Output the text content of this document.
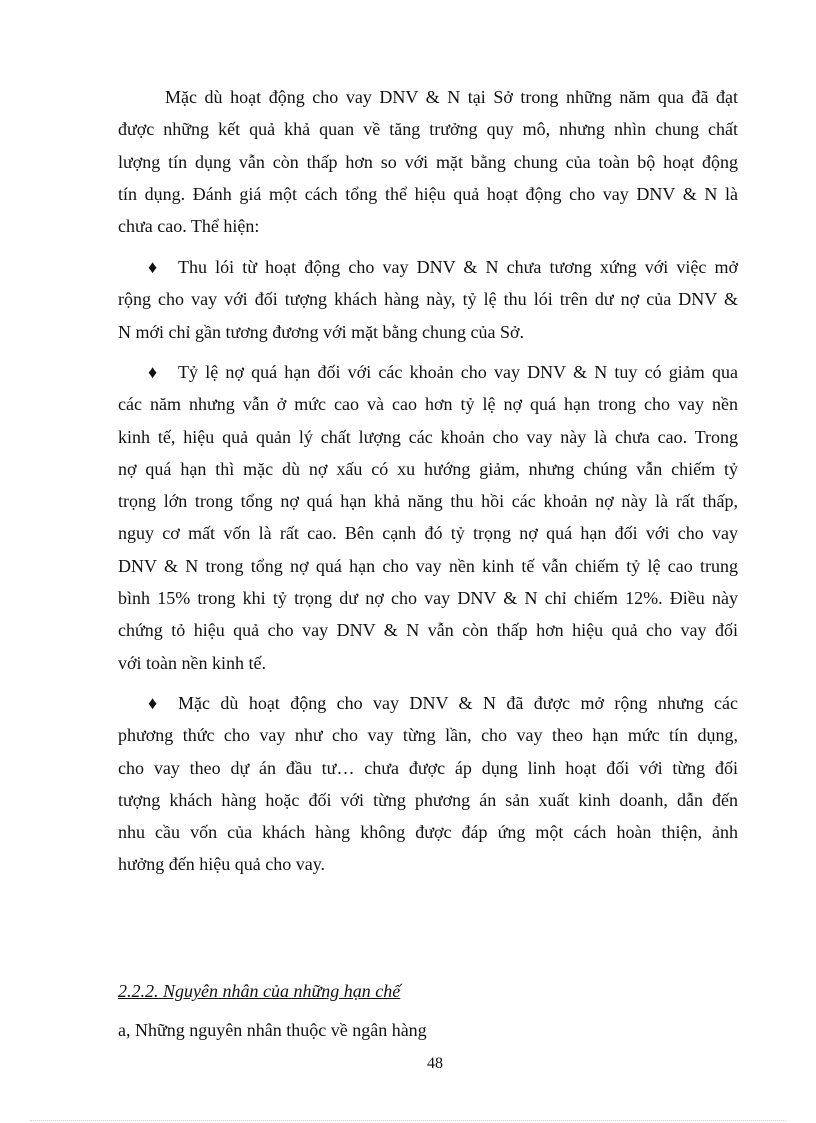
Mặc dù hoạt động cho vay DNV & N tại Sở trong những năm qua đã đạt
được những kết quả khả quan về tăng trưởng quy mô, nhưng nhìn chung chất
lượng tín dụng vẫn còn thấp hơn so với mặt bằng chung của toàn bộ hoạt động
tín dụng. Đánh giá một cách tổng thể hiệu quả hoạt động cho vay DNV & N là
chưa cao. Thể hiện:
♦ Thu lói từ hoạt động cho vay DNV & N chưa tương xứng với việc mở
rộng cho vay với đối tượng khách hàng này, tỷ lệ thu lói trên dư nợ của DNV &
N mới chỉ gần tương đương với mặt bằng chung của Sở.
♦ Tỷ lệ nợ quá hạn đối với các khoản cho vay DNV & N tuy có giảm qua
các năm nhưng vẫn ở mức cao và cao hơn tỷ lệ nợ quá hạn trong cho vay nền
kinh tế, hiệu quả quản lý chất lượng các khoản cho vay này là chưa cao. Trong
nợ quá hạn thì mặc dù nợ xấu có xu hướng giảm, nhưng chúng vẫn chiếm tỷ
trọng lớn trong tổng nợ quá hạn khả năng thu hồi các khoản nợ này là rất thấp,
nguy cơ mất vốn là rất cao. Bên cạnh đó tỷ trọng nợ quá hạn đối với cho vay
DNV & N trong tổng nợ quá hạn cho vay nền kinh tế vẫn chiếm tỷ lệ cao trung
bình 15% trong khi tỷ trọng dư nợ cho vay DNV & N chỉ chiếm 12%. Điều này
chứng tỏ hiệu quả cho vay DNV & N vẫn còn thấp hơn hiệu quả cho vay đối
với toàn nền kinh tế.
♦ Mặc dù hoạt động cho vay DNV & N đã được mở rộng nhưng các
phương thức cho vay như cho vay từng lần, cho vay theo hạn mức tín dụng,
cho vay theo dự án đầu tư… chưa được áp dụng linh hoạt đối với từng đối
tượng khách hàng hoặc đối với từng phương án sản xuất kinh doanh, dẫn đến
nhu cầu vốn của khách hàng không được đáp ứng một cách hoàn thiện, ảnh
hưởng đến hiệu quả cho vay.

2.2.2. Nguyên nhân của những hạn chế

a, Những nguyên nhân thuộc về ngân hàng

48
